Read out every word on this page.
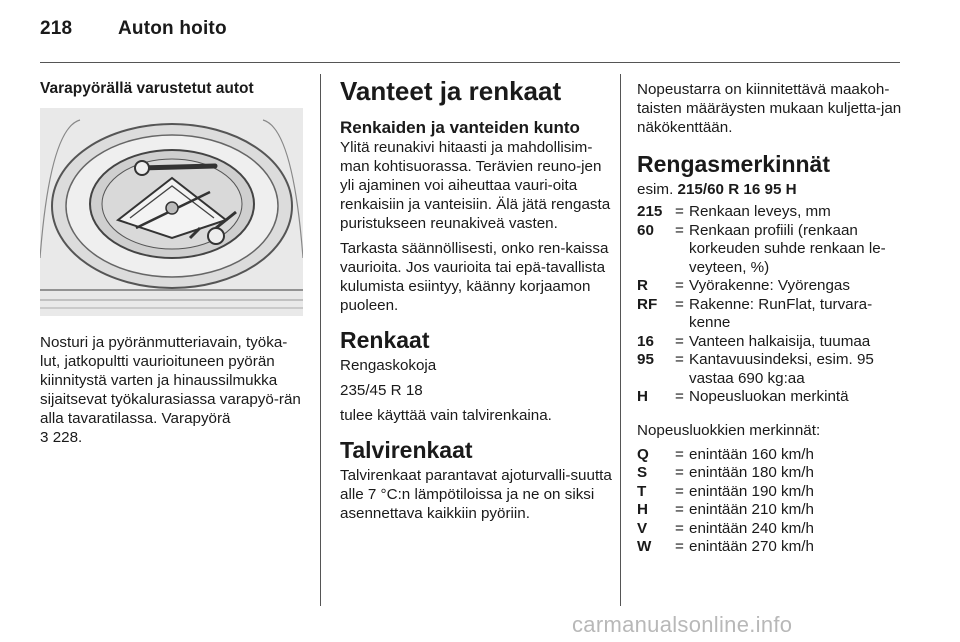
218 Auton hoito
Varapyörällä varustetut autot

Nosturi ja pyöränmutteriavain, työka-lut, jatkopultti vaurioituneen pyörän kiinnitystä varten ja hinaussilmukka sijaitsevat työkalurasiassa varapyö-rän alla tavaratilassa. Varapyörä
3 228.

Vanteet ja renkaat
Renkaiden ja vanteiden kunto

Ylitä reunakivi hitaasti ja mahdollisim-man kohtisuorassa. Terävien reuno-jen yli ajaminen voi aiheuttaa vauri-oita renkaisiin ja vanteisiin. Älä jätä rengasta puristukseen reunakiveä vasten.

Tarkasta säännöllisesti, onko ren-kaissa vaurioita. Jos vaurioita tai epä-tavallista kulumista esiintyy, käänny korjaamon puoleen.

Renkaat

Rengaskokoja

235/45 R 18

tulee käyttää vain talvirenkaina.

Talvirenkaat

Talvirenkaat parantavat ajoturvalli-suutta alle 7 °C:n lämpötiloissa ja ne on siksi asennettava kaikkiin pyöriin.

Nopeustarra on kiinnitettävä maakoh-taisten määräysten mukaan kuljetta-jan näkökenttään.

Rengasmerkinnät

esim. 215/60 R 16 95 H

215 = Renkaan leveys, mm
60	= Renkaan profiili (renkaan korkeuden suhde renkaan le-veyteen, %)
R	= Vyörakenne: Vyörengas
RF	= Rakenne: RunFlat, turvara-kenne
16	= Vanteen halkaisija, tuumaa
95	= Kantavuusindeksi, esim. 95 vastaa 690 kg:aa
H	= Nopeusluokan merkintä

Nopeusluokkien merkinnät:

Q	= enintään 160 km/h
S	= enintään 180 km/h
T	= enintään 190 km/h
H	= enintään 210 km/h
V	= enintään 240 km/h
W	= enintään 270 km/h
carmanualsonline.info
